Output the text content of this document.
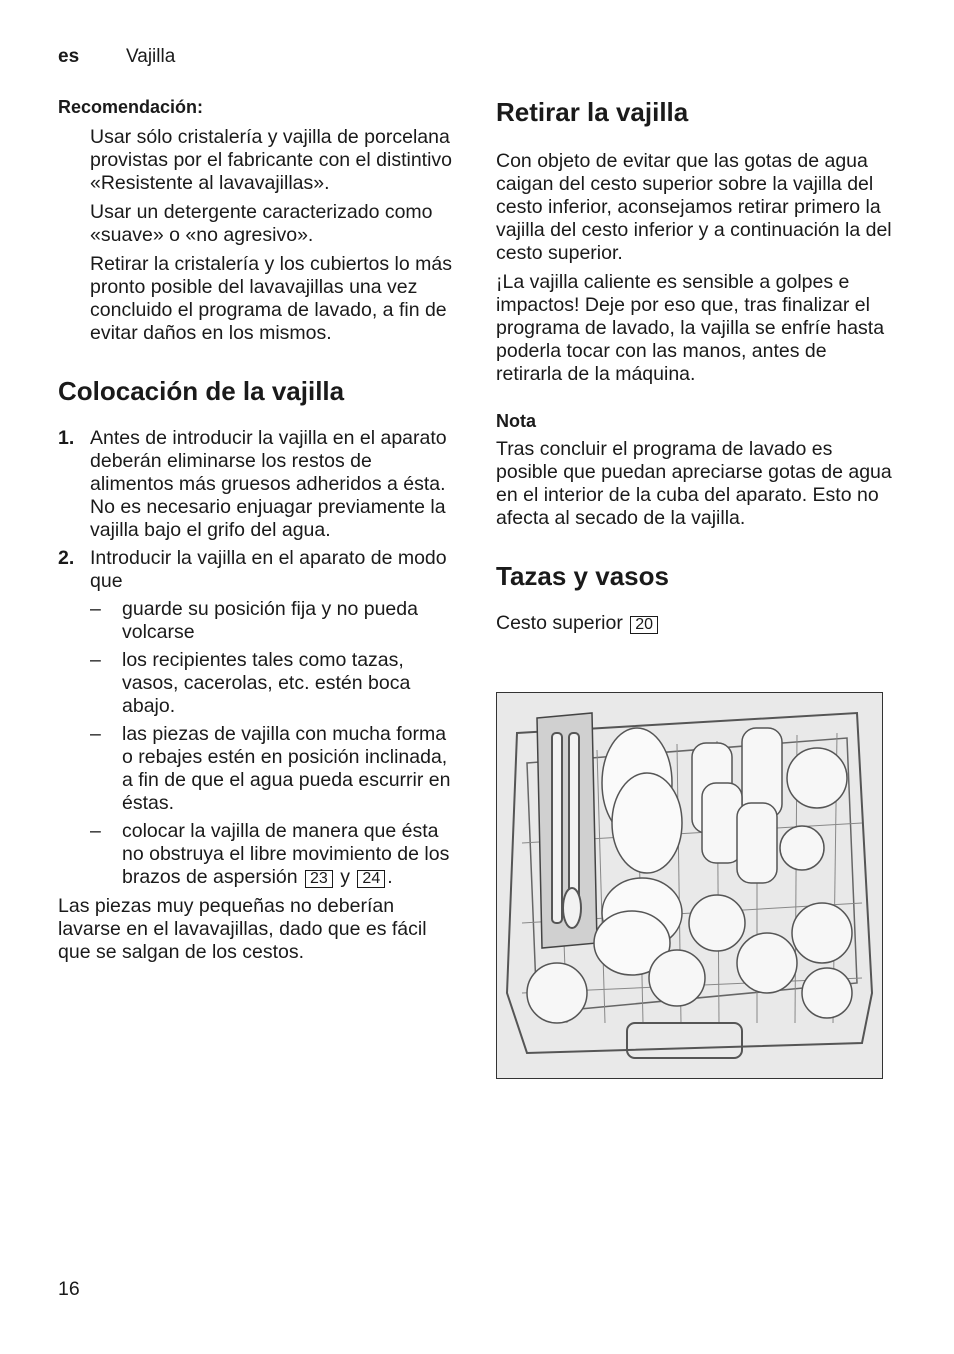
es Vajilla
Recomendación:

Usar sólo cristalería y vajilla de porcelana provistas por el fabricante con el distintivo «Resistente al lavavajillas».

Usar un detergente caracterizado como «suave» o «no agresivo».

Retirar la cristalería y los cubiertos lo más pronto posible del lavavajillas una vez concluido el programa de lavado, a fin de evitar daños en los mismos.

Colocación de la vajilla
1. Antes de introducir la vajilla en el aparato deberán eliminarse los restos de alimentos más gruesos adheridos a ésta. No es necesario enjuagar previamente la vajilla bajo el grifo del agua.
2. Introducir la vajilla en el aparato de modo que
– guarde su posición fija y no pueda volcarse
– los recipientes tales como tazas, vasos, cacerolas, etc. estén boca abajo.
– las piezas de vajilla con mucha forma o rebajes estén en posición inclinada, a fin de que el agua pueda escurrir en éstas.
– colocar la vajilla de manera que ésta no obstruya el libre movimiento de los brazos de aspersión 23 y 24 .

Las piezas muy pequeñas no deberían lavarse en el lavavajillas, dado que es fácil que se salgan de los cestos.

Retirar la vajilla

Con objeto de evitar que las gotas de agua caigan del cesto superior sobre la vajilla del cesto inferior, aconsejamos retirar primero la vajilla del cesto inferior y a continuación la del cesto superior.

¡La vajilla caliente es sensible a golpes e impactos! Deje por eso que, tras finalizar el programa de lavado, la vajilla se enfríe hasta poderla tocar con las manos, antes de retirarla de la máquina.

Nota

Tras concluir el programa de lavado es posible que puedan apreciarse gotas de agua en el interior de la cuba del aparato. Esto no afecta al secado de la vajilla.

Tazas y vasos

Cesto superior 20

16
